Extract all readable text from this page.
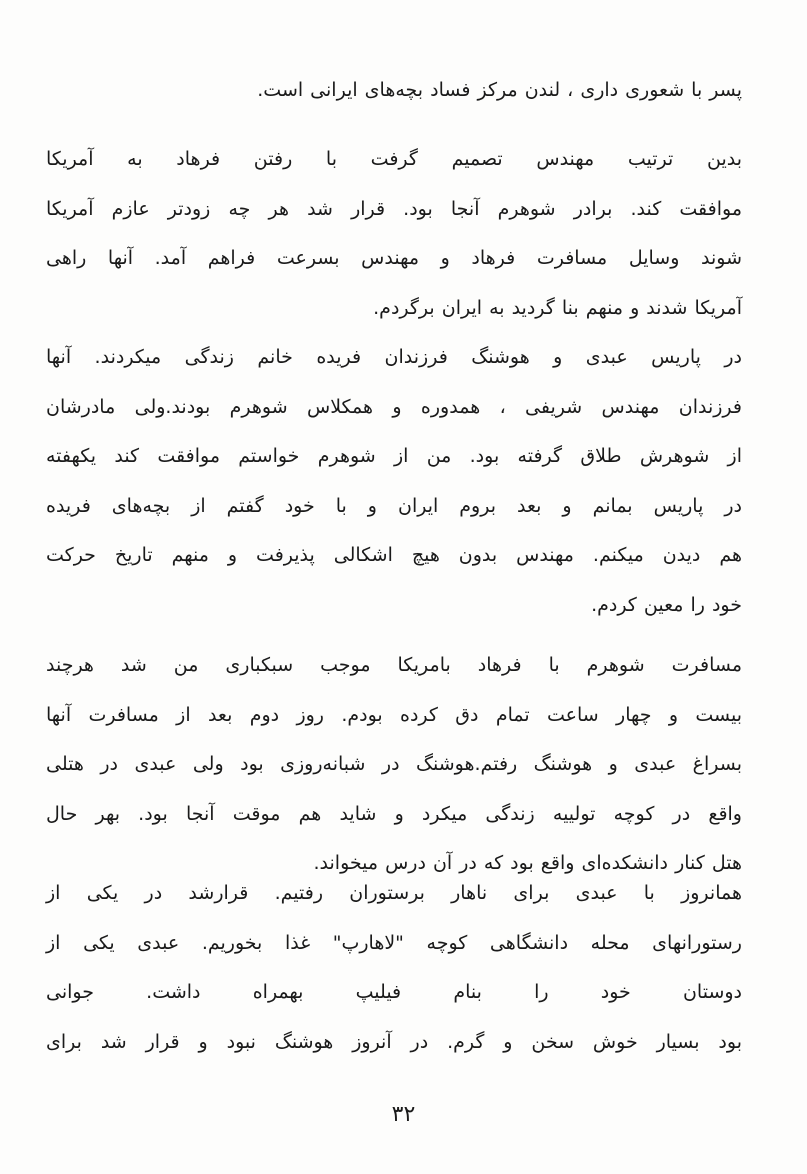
پسر با شعوری داری ، لندن مرکز فساد بچه‌های ایرانی است.
بدین ترتیب مهندس تصمیم گرفت با رفتن فرهاد به آمریکا
موافقت کند. برادر شوهرم آنجا بود. قرار شد هر چه زودتر عازم آمریکا
شوند وسایل مسافرت فرهاد و مهندس بسرعت فراهم آمد. آنها راهی
آمریکا شدند و منهم بنا گردید به ایران برگردم.
در پاریس عبدی و هوشنگ فرزندان فریده خانم زندگی میکردند. آنها
فرزندان مهندس شریفی ، همدوره و همکلاس شوهرم بودند.ولی مادرشان
از شوهرش طلاق گرفته بود. من از شوهرم خواستم موافقت کند یکهفته
در پاریس بمانم و بعد بروم ایران و با خود گفتم از بچه‌های فریده
هم دیدن میکنم. مهندس بدون هیچ اشکالی پذیرفت و منهم تاریخ حرکت
خود را معین کردم.
مسافرت شوهرم با فرهاد بامریکا موجب سبکباری من شد هرچند
بیست و چهار ساعت تمام دق کرده بودم. روز دوم بعد از مسافرت آنها
بسراغ عبدی و هوشنگ رفتم.هوشنگ در شبانه‌روزی بود ولی عبدی در هتلی
واقع در کوچه تولییه زندگی میکرد و شاید هم موقت آنجا بود. بهر حال
هتل کنار دانشکده‌ای واقع بود که در آن درس میخواند.
همانروز با عبدی برای ناهار برستوران رفتیم. قرارشد در یکی از
رستورانهای محله دانشگاهی کوچه "لاهارپ" غذا بخوریم. عبدی یکی از
دوستان خود را بنام فیلیپ بهمراه داشت. جوانی
بود بسیار خوش سخن و گرم. در آنروز هوشنگ نبود و قرار شد برای
۳۲
